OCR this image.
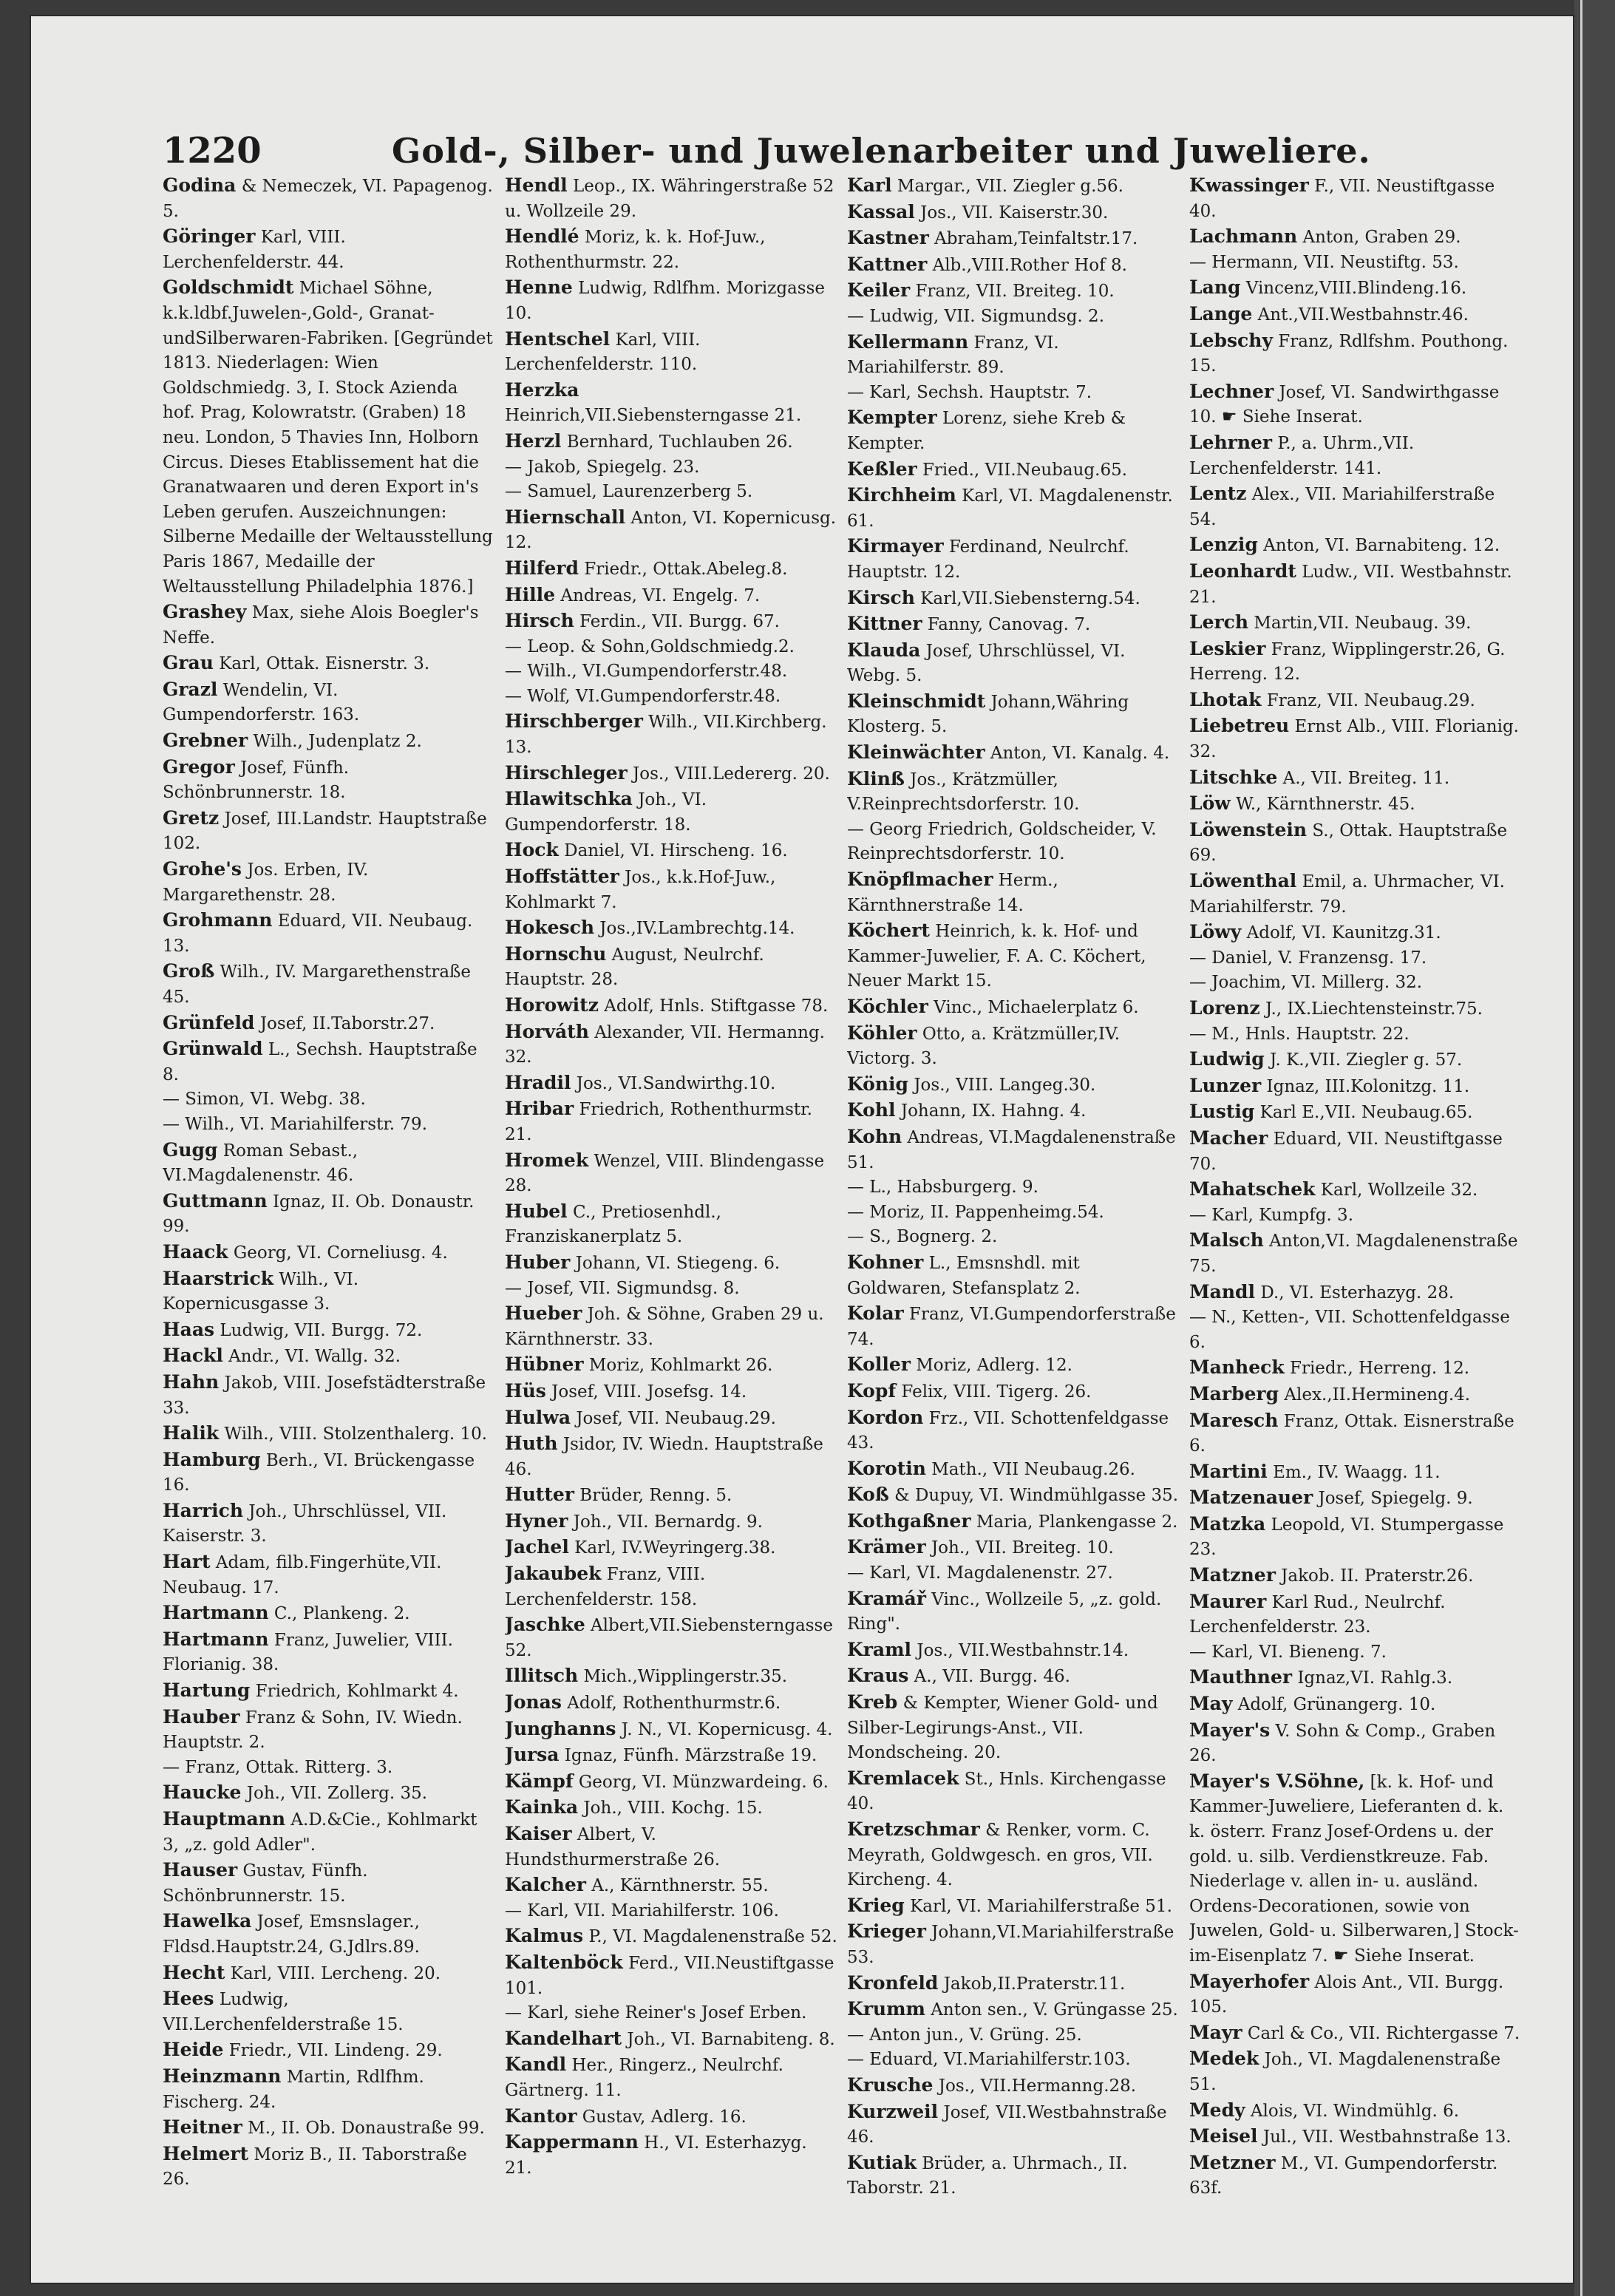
1220	Gold-, Silber- und Juwelenarbeiter und Juweliere.

Godina & Nemeczek, VI. Papagenog. 5.

Göringer Karl, VIII. Lerchenfelderstr. 44.

Goldschmidt Michael Söhne, k.k.ldbf.Juwelen-,Gold-, Granat-undSilberwaren-Fabriken. [Gegründet 1813. Niederlagen: Wien Goldschmiedg. 3, I. Stock Azienda hof. Prag, Kolowratstr. (Graben) 18 neu. London, 5 Thavies Inn, Holborn Circus. Dieses Etablissement hat die Granatwaaren und deren Export in's Leben gerufen. Auszeichnungen: Silberne Medaille der Weltausstellung Paris 1867, Medaille der Weltausstellung Philadelphia 1876.]

Grashey Max, siehe Alois Boegler's Neffe.

Grau Karl, Ottak. Eisnerstr. 3.

Grazl Wendelin, VI. Gumpendorferstr. 163.

Grebner Wilh., Judenplatz 2.

Gregor Josef, Fünfh. Schönbrunnerstr. 18.

Gretz Josef, III.Landstr. Hauptstraße 102.

Grohe's Jos. Erben, IV. Margarethenstr. 28.

Grohmann Eduard, VII. Neubaug. 13.

Groß Wilh., IV. Margarethenstraße 45.

Grünfeld Josef, II.Taborstr.27.

Grünwald L., Sechsh. Hauptstraße 8.

— Simon, VI. Webg. 38.

— Wilh., VI. Mariahilferstr. 79.

Gugg Roman Sebast., VI.Magdalenenstr. 46.

Guttmann Ignaz, II. Ob. Donaustr. 99.

Haack Georg, VI. Corneliusg. 4.

Haarstrick Wilh., VI. Kopernicusgasse 3.

Haas Ludwig, VII. Burgg. 72.

Hackl Andr., VI. Wallg. 32.

Hahn Jakob, VIII. Josefstädterstraße 33.

Halik Wilh., VIII. Stolzenthalerg. 10.

Hamburg Berh., VI. Brückengasse 16.

Harrich Joh., Uhrschlüssel, VII. Kaiserstr. 3.

Hart Adam, filb.Fingerhüte,VII. Neubaug. 17.

Hartmann C., Plankeng. 2.

Hartmann Franz, Juwelier, VIII. Florianig. 38.

Hartung Friedrich, Kohlmarkt 4.

Hauber Franz & Sohn, IV. Wiedn. Hauptstr. 2.

— Franz, Ottak. Ritterg. 3.

Haucke Joh., VII. Zollerg. 35.

Hauptmann A.D.&Cie., Kohlmarkt 3, „z. gold Adler".

Hauser Gustav, Fünfh. Schönbrunnerstr. 15.

Hawelka Josef, Emsnslager., Fldsd.Hauptstr.24, G.Jdlrs.89.

Hecht Karl, VIII. Lercheng. 20.

Hees Ludwig, VII.Lerchenfelderstraße 15.

Heide Friedr., VII. Lindeng. 29.

Heinzmann Martin, Rdlfhm. Fischerg. 24.

Heitner M., II. Ob. Donaustraße 99.

Helmert Moriz B., II. Taborstraße 26.

Hendl Leop., IX. Währingerstraße 52 u. Wollzeile 29.

Hendlé Moriz, k. k. Hof-Juw., Rothenthurmstr. 22.

Henne Ludwig, Rdlfhm. Morizgasse 10.

Hentschel Karl, VIII. Lerchenfelderstr. 110.

Herzka Heinrich,VII.Siebensterngasse 21.

Herzl Bernhard, Tuchlauben 26.

— Jakob, Spiegelg. 23.

— Samuel, Laurenzerberg 5.

Hiernschall Anton, VI. Kopernicusg. 12.

Hilferd Friedr., Ottak.Abeleg.8.

Hille Andreas, VI. Engelg. 7.

Hirsch Ferdin., VII. Burgg. 67.

— Leop. & Sohn,Goldschmiedg.2.

— Wilh., VI.Gumpendorferstr.48.

— Wolf, VI.Gumpendorferstr.48.

Hirschberger Wilh., VII.Kirchberg. 13.

Hirschleger Jos., VIII.Ledererg. 20.

Hlawitschka Joh., VI. Gumpendorferstr. 18.

Hock Daniel, VI. Hirscheng. 16.

Hoffstätter Jos., k.k.Hof-Juw., Kohlmarkt 7.

Hokesch Jos.,IV.Lambrechtg.14.

Hornschu August, Neulrchf. Hauptstr. 28.

Horowitz Adolf, Hnls. Stiftgasse 78.

Horváth Alexander, VII. Hermanng. 32.

Hradil Jos., VI.Sandwirthg.10.

Hribar Friedrich, Rothenthurmstr. 21.

Hromek Wenzel, VIII. Blindengasse 28.

Hubel C., Pretiosenhdl., Franziskanerplatz 5.

Huber Johann, VI. Stiegeng. 6.

— Josef, VII. Sigmundsg. 8.

Hueber Joh. & Söhne, Graben 29 u. Kärnthnerstr. 33.

Hübner Moriz, Kohlmarkt 26.

Hüs Josef, VIII. Josefsg. 14.

Hulwa Josef, VII. Neubaug.29.

Huth Jsidor, IV. Wiedn. Hauptstraße 46.

Hutter Brüder, Renng. 5.

Hyner Joh., VII. Bernardg. 9.

Jachel Karl, IV.Weyringerg.38.

Jakaubek Franz, VIII. Lerchenfelderstr. 158.

Jaschke Albert,VII.Siebensterngasse 52.

Illitsch Mich.,Wipplingerstr.35.

Jonas Adolf, Rothenthurmstr.6.

Junghanns J. N., VI. Kopernicusg. 4.

Jursa Ignaz, Fünfh. Märzstraße 19.

Kämpf Georg, VI. Münzwardeing. 6.

Kainka Joh., VIII. Kochg. 15.

Kaiser Albert, V. Hundsthurmerstraße 26.

Kalcher A., Kärnthnerstr. 55.

— Karl, VII. Mariahilferstr. 106.

Kalmus P., VI. Magdalenenstraße 52.

Kaltenböck Ferd., VII.Neustiftgasse 101.

— Karl, siehe Reiner's Josef Erben.

Kandelhart Joh., VI. Barnabiteng. 8.

Kandl Her., Ringerz., Neulrchf. Gärtnerg. 11.

Kantor Gustav, Adlerg. 16.

Kappermann H., VI. Esterhazyg. 21.

Karl Margar., VII. Ziegler g.56.

Kassal Jos., VII. Kaiserstr.30.

Kastner Abraham,Teinfaltstr.17.

Kattner Alb.,VIII.Rother Hof 8.

Keiler Franz, VII. Breiteg. 10.

— Ludwig, VII. Sigmundsg. 2.

Kellermann Franz, VI. Mariahilferstr. 89.

— Karl, Sechsh. Hauptstr. 7.

Kempter Lorenz, siehe Kreb & Kempter.

Keßler Fried., VII.Neubaug.65.

Kirchheim Karl, VI. Magdalenenstr. 61.

Kirmayer Ferdinand, Neulrchf. Hauptstr. 12.

Kirsch Karl,VII.Siebensterng.54.

Kittner Fanny, Canovag. 7.

Klauda Josef, Uhrschlüssel, VI. Webg. 5.

Kleinschmidt Johann,Währing Klosterg. 5.

Kleinwächter Anton, VI. Kanalg. 4.

Klinß Jos., Krätzmüller, V.Reinprechtsdorferstr. 10.

— Georg Friedrich, Goldscheider, V. Reinprechtsdorferstr. 10.

Knöpflmacher Herm., Kärnthnerstraße 14.

Köchert Heinrich, k. k. Hof- und Kammer-Juwelier, F. A. C. Köchert, Neuer Markt 15.

Köchler Vinc., Michaelerplatz 6.

Köhler Otto, a. Krätzmüller,IV. Victorg. 3.

König Jos., VIII. Langeg.30.

Kohl Johann, IX. Hahng. 4.

Kohn Andreas, VI.Magdalenenstraße 51.

— L., Habsburgerg. 9.

— Moriz, II. Pappenheimg.54.

— S., Bognerg. 2.

Kohner L., Emsnshdl. mit Goldwaren, Stefansplatz 2.

Kolar Franz, VI.Gumpendorferstraße 74.

Koller Moriz, Adlerg. 12.

Kopf Felix, VIII. Tigerg. 26.

Kordon Frz., VII. Schottenfeldgasse 43.

Korotin Math., VII Neubaug.26.

Koß & Dupuy, VI. Windmühlgasse 35.

Kothgaßner Maria, Plankengasse 2.

Krämer Joh., VII. Breiteg. 10.

— Karl, VI. Magdalenenstr. 27.

Kramář Vinc., Wollzeile 5, „z. gold. Ring".

Kraml Jos., VII.Westbahnstr.14.

Kraus A., VII. Burgg. 46.

Kreb & Kempter, Wiener Gold- und Silber-Legirungs-Anst., VII. Mondscheing. 20.

Kremlacek St., Hnls. Kirchengasse 40.

Kretzschmar & Renker, vorm. C. Meyrath, Goldwgesch. en gros, VII. Kircheng. 4.

Krieg Karl, VI. Mariahilferstraße 51.

Krieger Johann,VI.Mariahilferstraße 53.

Kronfeld Jakob,II.Praterstr.11.

Krumm Anton sen., V. Grüngasse 25.

— Anton jun., V. Grüng. 25.

— Eduard, VI.Mariahilferstr.103.

Krusche Jos., VII.Hermanng.28.

Kurzweil Josef, VII.Westbahnstraße 46.

Kutiak Brüder, a. Uhrmach., II. Taborstr. 21.

Kwassinger F., VII. Neustiftgasse 40.

Lachmann Anton, Graben 29.

— Hermann, VII. Neustiftg. 53.

Lang Vincenz,VIII.Blindeng.16.

Lange Ant.,VII.Westbahnstr.46.

Lebschy Franz, Rdlfshm. Pouthong. 15.

Lechner Josef, VI. Sandwirthgasse 10. ☛ Siehe Inserat.

Lehrner P., a. Uhrm.,VII. Lerchenfelderstr. 141.

Lentz Alex., VII. Mariahilferstraße 54.

Lenzig Anton, VI. Barnabiteng. 12.

Leonhardt Ludw., VII. Westbahnstr. 21.

Lerch Martin,VII. Neubaug. 39.

Leskier Franz, Wipplingerstr.26, G. Herreng. 12.

Lhotak Franz, VII. Neubaug.29.

Liebetreu Ernst Alb., VIII. Florianig. 32.

Litschke A., VII. Breiteg. 11.

Löw W., Kärnthnerstr. 45.

Löwenstein S., Ottak. Hauptstraße 69.

Löwenthal Emil, a. Uhrmacher, VI. Mariahilferstr. 79.

Löwy Adolf, VI. Kaunitzg.31.

— Daniel, V. Franzensg. 17.

— Joachim, VI. Millerg. 32.

Lorenz J., IX.Liechtensteinstr.75.

— M., Hnls. Hauptstr. 22.

Ludwig J. K.,VII. Ziegler g. 57.

Lunzer Ignaz, III.Kolonitzg. 11.

Lustig Karl E.,VII. Neubaug.65.

Macher Eduard, VII. Neustiftgasse 70.

Mahatschek Karl, Wollzeile 32.

— Karl, Kumpfg. 3.

Malsch Anton,VI. Magdalenenstraße 75.

Mandl D., VI. Esterhazyg. 28.

— N., Ketten-, VII. Schottenfeldgasse 6.

Manheck Friedr., Herreng. 12.

Marberg Alex.,II.Hermineng.4.

Maresch Franz, Ottak. Eisnerstraße 6.

Martini Em., IV. Waagg. 11.

Matzenauer Josef, Spiegelg. 9.

Matzka Leopold, VI. Stumpergasse 23.

Matzner Jakob. II. Praterstr.26.

Maurer Karl Rud., Neulrchf. Lerchenfelderstr. 23.

— Karl, VI. Bieneng. 7.

Mauthner Ignaz,VI. Rahlg.3.

May Adolf, Grünangerg. 10.

Mayer's V. Sohn & Comp., Graben 26.

Mayer's V.Söhne, [k. k. Hof- und Kammer-Juweliere, Lieferanten d. k. k. österr. Franz Josef-Ordens u. der gold. u. silb. Verdienstkreuze. Fab. Niederlage v. allen in- u. ausländ. Ordens-Decorationen, sowie von Juwelen, Gold- u. Silberwaren,] Stock-im-Eisenplatz 7. ☛ Siehe Inserat.

Mayerhofer Alois Ant., VII. Burgg. 105.

Mayr Carl & Co., VII. Richtergasse 7.

Medek Joh., VI. Magdalenenstraße 51.

Medy Alois, VI. Windmühlg. 6.

Meisel Jul., VII. Westbahnstraße 13.

Metzner M., VI. Gumpendorferstr. 63f.
